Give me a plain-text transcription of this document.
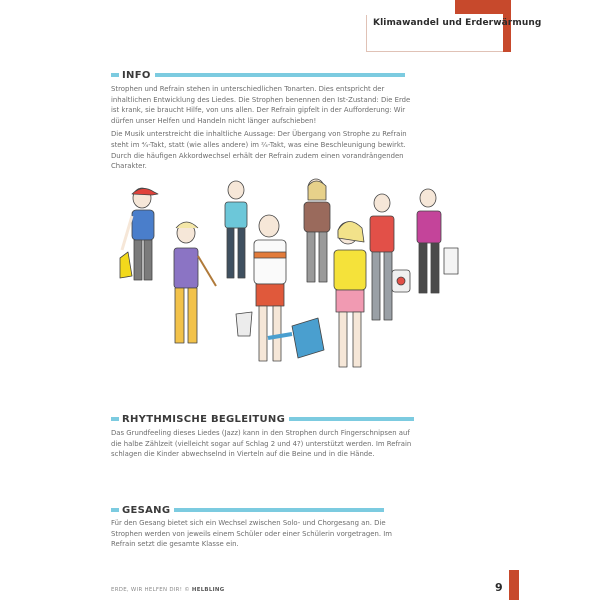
Klimawandel und Erderwärmung
INFO

Strophen und Refrain stehen in unterschiedlichen Tonarten. Dies entspricht der inhaltlichen Entwicklung des Liedes. Die Strophen benennen den Ist-Zustand: Die Erde ist krank, sie braucht Hilfe, von uns allen. Der Refrain gipfelt in der Aufforderung: Wir dürfen unser Helfen und Handeln nicht länger aufschieben!

Die Musik unterstreicht die inhaltliche Aussage: Der Übergang von Strophe zu Refrain steht im ⁴⁄₄-Takt, statt (wie alles andere) im ²⁄₄-Takt, was eine Beschleunigung bewirkt. Durch die häufigen Akkordwechsel erhält der Refrain zudem einen vorandrängenden Charakter.

RHYTHMISCHE BEGLEITUNG

Das Grundfeeling dieses Liedes (Jazz) kann in den Strophen durch Fingerschnipsen auf die halbe Zählzeit (vielleicht sogar auf Schlag 2 und 4?) unterstützt werden. Im Refrain schlagen die Kinder abwechselnd in Vierteln auf die Beine und in die Hände.

GESANG

Für den Gesang bietet sich ein Wechsel zwischen Solo- und Chorgesang an. Die Strophen werden von jeweils einem Schüler oder einer Schülerin vorgetragen. Im Refrain setzt die gesamte Klasse ein.

ERDE, WIR HELFEN DIR! © HELBLING	9
